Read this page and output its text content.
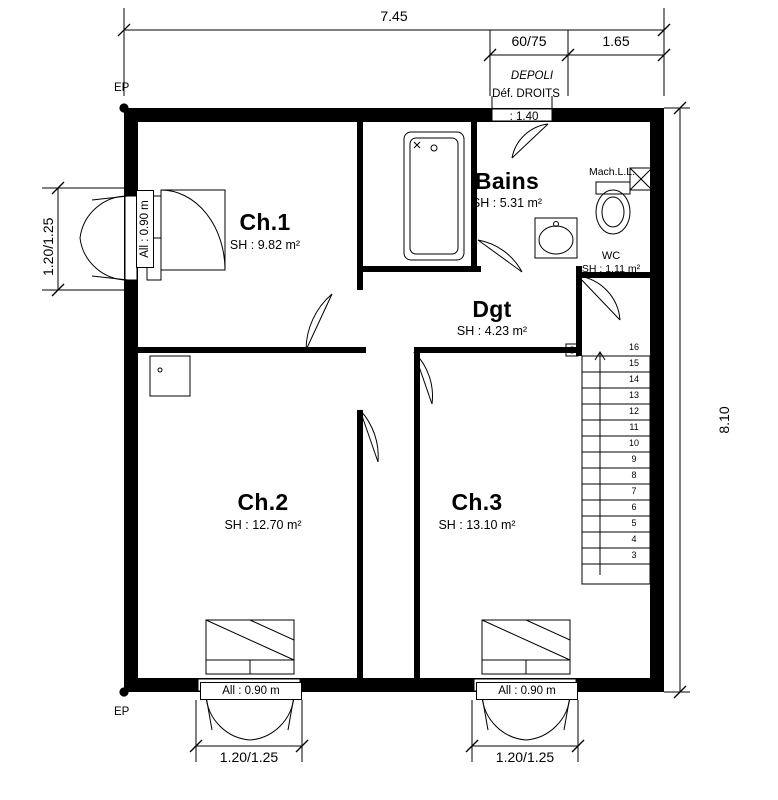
7.45
60/75	1.65
8.10
1.20/1.25
EP
EP
DEPOLI
Déf. DROITS
: 1.40
Mach.L.L.
Ch.1
SH : 9.82 m²
Bains
SH : 5.31 m²
WC
SH : 1.11 m²
Dgt
SH : 4.23 m²
Ch.2
SH : 12.70 m²
Ch.3
SH : 13.10 m²
16
15
14
13
12
11
10
9
8
7
6
5
4
3
All : 0.90 m
All : 0.90 m	All : 0.90 m
1.20/1.25	1.20/1.25
